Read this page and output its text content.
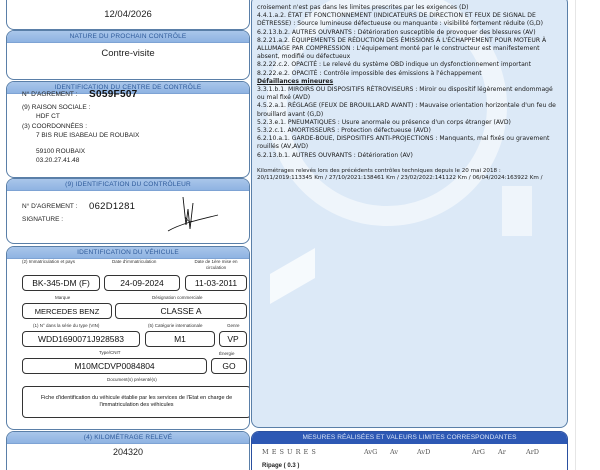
12/04/2026
NATURE DU PROCHAIN CONTRÔLE
Contre-visite
IDENTIFICATION DU CENTRE DE CONTRÔLE
N° D'AGREMENT : S059F507
(9) RAISON SOCIALE :
HDF CT
(3) COORDONNÉES :
7 BIS RUE ISABEAU DE ROUBAIX
59100 ROUBAIX
03.20.27.41.48
(9) IDENTIFICATION DU CONTRÔLEUR
N° D'AGREMENT : 062D1281
SIGNATURE :
IDENTIFICATION DU VÉHICULE
(2) Immatriculation et pays	Date d'immatriculation	Date de 1ère mise en circulation
BK-345-DM (F)	24-09-2024	11-03-2011
Marque	Désignation commerciale
MERCEDES BENZ	CLASSE A
(1) N° dans la série du type (VIN)	(5) Catégorie internationale	Genre
WDD1690071J928583	M1	VP
Type/CNIT	Énergie
M10MCDVP0084804	GO
Document(s) présenté(s)
Fiche d'identification du véhicule établie par les services de l'Etat en charge de l'immatriculation des véhicules
(4) KILOMÉTRAGE RELEVÉ
204320
croisement n'est pas dans les limites prescrites par les exigences (D)
4.4.1.a.2. ÉTAT ET FONCTIONNEMENT (INDICATEURS DE DIRECTION ET FEUX DE SIGNAL DE DÉTRESSE) : Source lumineuse défectueuse ou manquante : visibilité fortement réduite (G,D)
6.2.13.b.2. AUTRES OUVRANTS : Détérioration susceptible de provoquer des blessures (AV)
8.2.21.a.2. ÉQUIPEMENTS DE RÉDUCTION DES ÉMISSIONS À L'ÉCHAPPEMENT POUR MOTEUR À ALLUMAGE PAR COMPRESSION : L'équipement monté par le constructeur est manifestement absent, modifié ou défectueux
8.2.22.c.2. OPACITÉ : Le relevé du système OBD indique un dysfonctionnement important
8.2.22.e.2. OPACITÉ : Contrôle impossible des émissions à l'échappement
Défaillances mineures
3.3.1.b.1. MIROIRS OU DISPOSITIFS RÉTROVISEURS : Miroir ou dispositif légèrement endommagé ou mal fixé (AVD)
4.5.2.a.1. RÉGLAGE (FEUX DE BROUILLARD AVANT) : Mauvaise orientation horizontale d'un feu de brouillard avant (G,D)
5.2.3.e.1. PNEUMATIQUES : Usure anormale ou présence d'un corps étranger (AVD)
5.3.2.c.1. AMORTISSEURS : Protection défectueuse (AVD)
6.2.10.a.1. GARDE-BOUE, DISPOSITIFS ANTI-PROJECTIONS : Manquants, mal fixés ou gravement rouillés (AV,AVD)
6.2.13.b.1. AUTRES OUVRANTS : Détérioration (AV)
Kilométrages relevés lors des précédents contrôles techniques depuis le 20 mai 2018 :
20/11/2019:113345 Km / 27/10/2021:138461 Km / 23/02/2022:141122 Km / 06/04/2024:163922 Km /
MESURES RÉALISÉES ET VALEURS LIMITES CORRESPONDANTES
M E S U R E S	AvG Av	AvD	ArG Ar	ArD
Ripage ( 0.3 )
